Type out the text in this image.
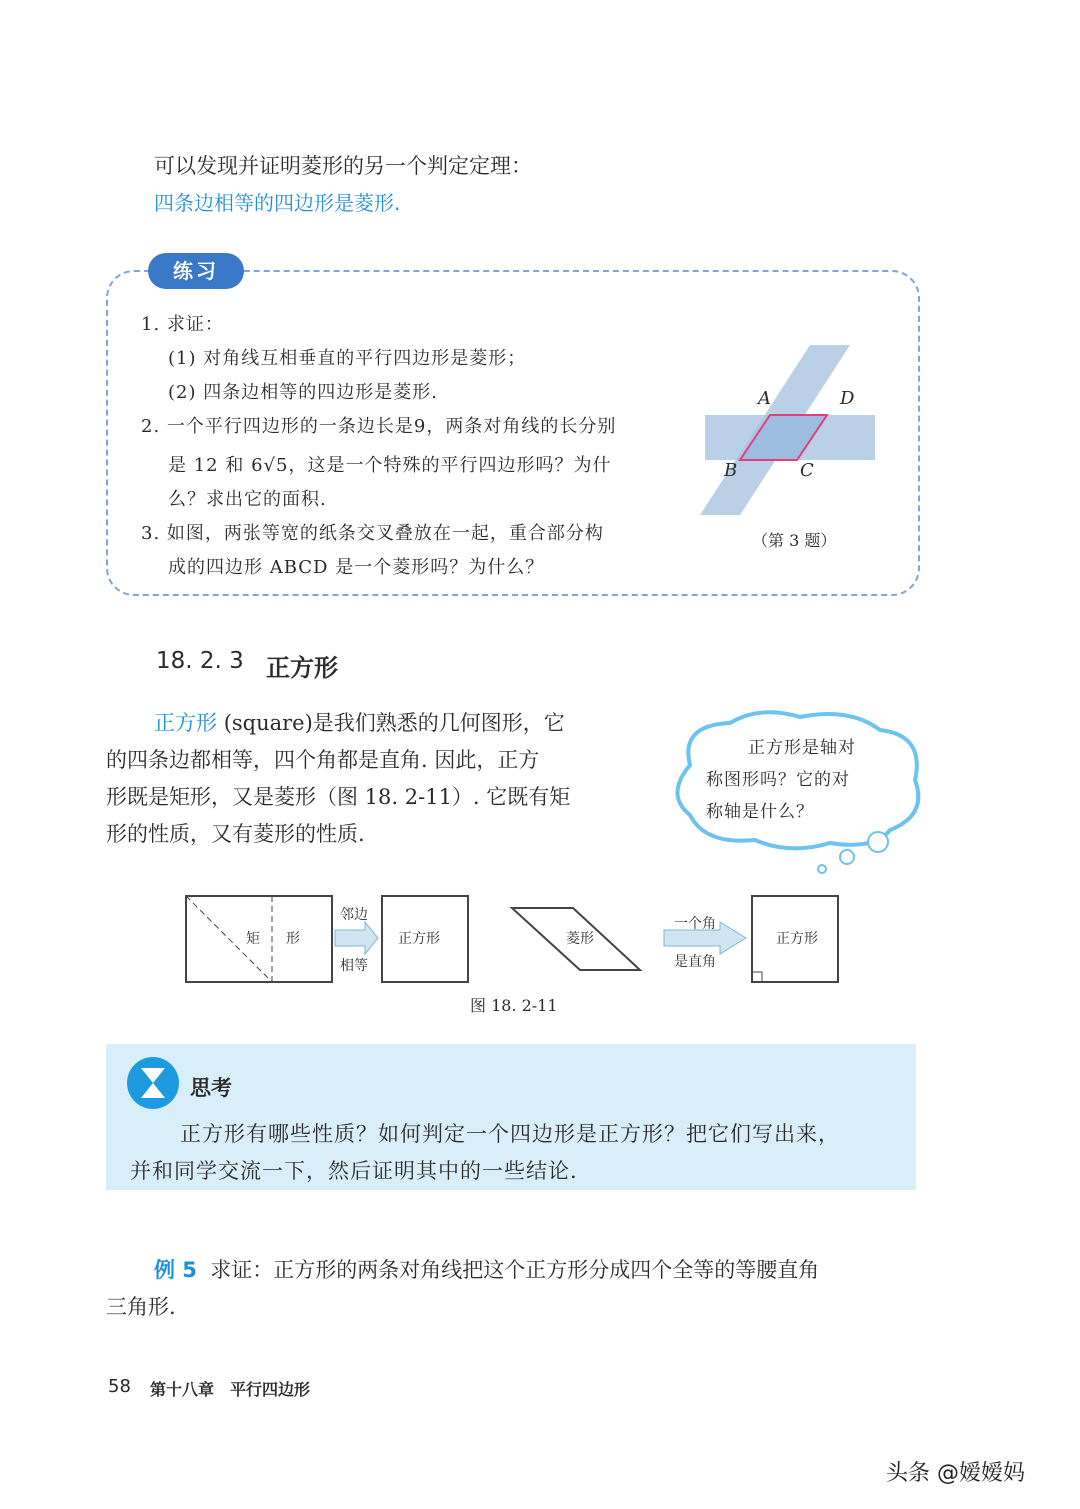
可以发现并证明菱形的另一个判定定理：
四条边相等的四边形是菱形.
练习
1. 求证：
(1) 对角线互相垂直的平行四边形是菱形；
(2) 四条边相等的四边形是菱形.
2. 一个平行四边形的一条边长是9，两条对角线的长分别
是 12 和 6√5，这是一个特殊的平行四边形吗？为什
么？求出它的面积.
3. 如图，两张等宽的纸条交叉叠放在一起，重合部分构
成的四边形 ABCD 是一个菱形吗？为什么？
A	D
B	C
（第 3 题）
18. 2. 3 正方形
正方形 (square)是我们熟悉的几何图形，它
的四条边都相等，四个角都是直角. 因此，正方
形既是矩形，又是菱形（图 18. 2-11）. 它既有矩
形的性质，又有菱形的性质.
正方形是轴对
称图形吗？它的对
称轴是什么？
矩 形
邻边
相等
正方形	菱形
一个角
是直角
正方形
图 18. 2-11
思考
正方形有哪些性质？如何判定一个四边形是正方形？把它们写出来，
并和同学交流一下，然后证明其中的一些结论.
例 5 求证：正方形的两条对角线把这个正方形分成四个全等的等腰直角
三角形.
58 第十八章　平行四边形
头条 @嫒嫒妈
